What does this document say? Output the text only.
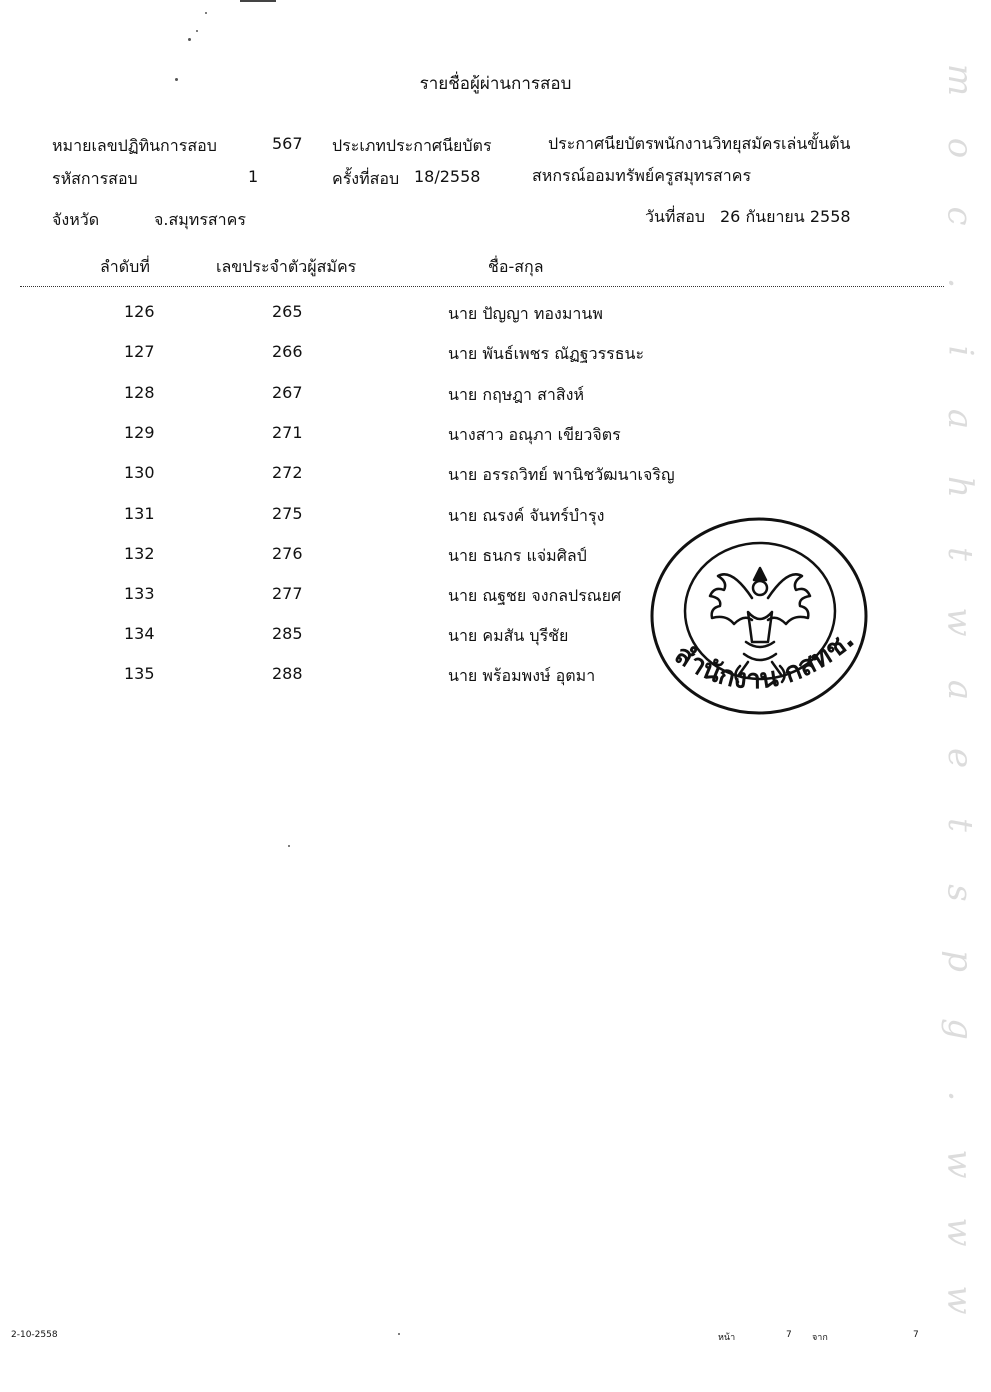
รายชื่อผู้ผ่านการสอบ
หมายเลขปฏิทินการสอบ	567 ประเภทประกาศนียบัตร	ประกาศนียบัตรพนักงานวิทยุสมัครเล่นขั้นต้น
รหัสการสอบ	1	ครั้งที่สอบ 18/2558	สหกรณ์ออมทรัพย์ครูสมุทรสาคร
จังหวัด	จ.สมุทรสาคร	วันที่สอบ 26 กันยายน 2558
ลำดับที่	เลขประจำตัวผู้สมัคร	ชื่อ-สกุล
126	265	นาย ปัญญา ทองมานพ
127	266	นาย พันธ์เพชร ณัฏฐวรรธนะ
128	267	นาย กฤษฎา สาสิงห์
129	271	นางสาว อณุภา เขียวจิตร
130	272	นาย อรรถวิทย์ พานิชวัฒนาเจริญ
131	275	นาย ณรงค์ จันทร์บำรุง
132	276	นาย ธนกร แจ่มศิลป์
133	277	นาย ณฐชย จงกลปรณยศ
134	285	นาย คมสัน บุรีชัย
135	288	นาย พร้อมพงษ์ อุตมา	สำนักงาน กสทช.
m
o
c
.
i
a
h
t
w
a
e
t
s
p
g
.
w
w
w
2-10-2558	หน้า	7 จาก	7
